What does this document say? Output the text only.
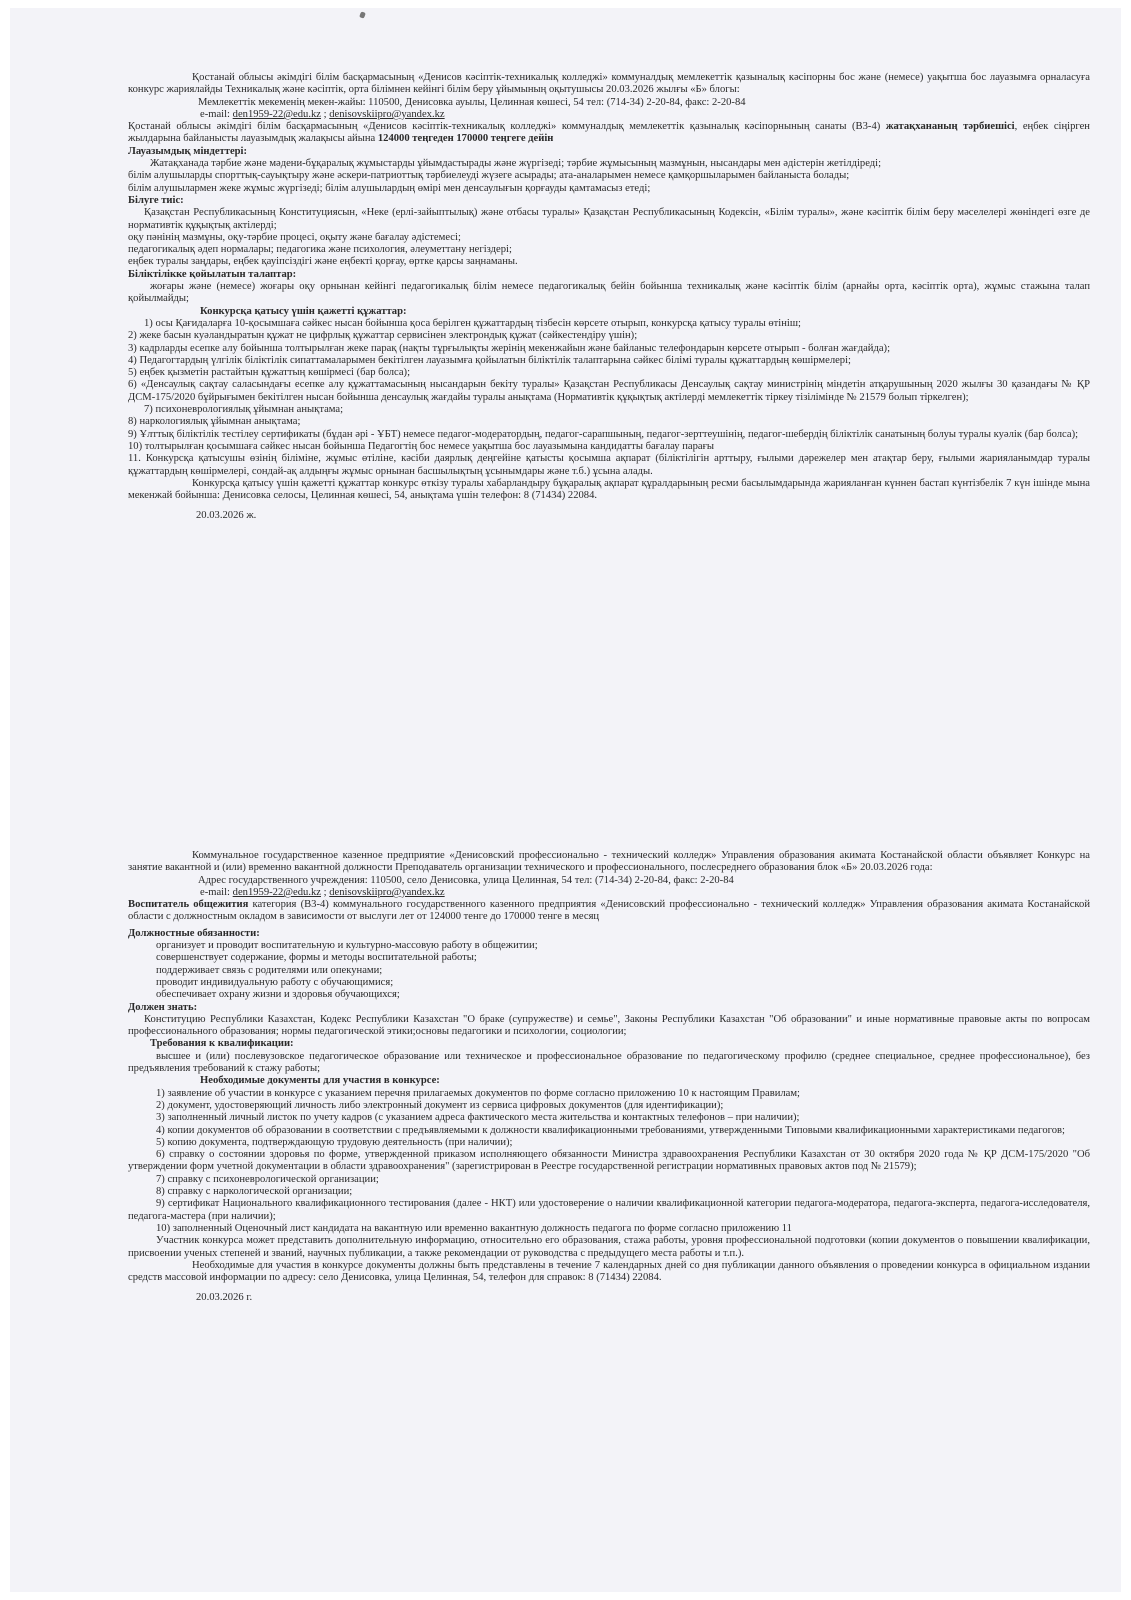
Қостанай облысы әкімдігі білім басқармасының «Денисов кәсіптік-техникалық колледжі» коммуналдық мемлекеттік қазыналық кәсіпорны бос және (немесе) уақытша бос лауазымға орналасуға конкурс жариялайды Техникалық және кәсіптік, орта білімнен кейінгі білім беру ұйымының оқытушысы 20.03.2026 жылғы «Б» блогы:

Мемлекеттік мекеменің мекен-жайы: 110500, Денисовка ауылы, Целинная көшесі, 54 тел: (714-34) 2-20-84, факс: 2-20-84

e-mail: den1959-22@edu.kz ; denisovskiipro@yandex.kz

Қостанай облысы әкімдігі білім басқармасының «Денисов кәсіптік-техникалық колледжі» коммуналдық мемлекеттік қазыналық кәсіпорнының санаты (В3-4) жатақхананың тәрбиешісі, еңбек сіңірген жылдарына байланысты лауазымдық жалақысы айына 124000 теңгеден 170000 теңгеге дейін

Лауазымдық міндеттері:

Жатақханада тәрбие және мәдени-бұқаралық жұмыстарды ұйымдастырады және жүргізеді; тәрбие жұмысының мазмұнын, нысандары мен әдістерін жетілдіреді;

білім алушыларды спорттық-сауықтыру және әскери-патриоттық тәрбиелеуді жүзеге асырады; ата-аналарымен немесе қамқоршыларымен байланыста болады;

білім алушылармен жеке жұмыс жүргізеді; білім алушылардың өмірі мен денсаулығын қорғауды қамтамасыз етеді;

Білуге тиіс:

Қазақстан Республикасының Конституциясын, «Неке (ерлі-зайыптылық) және отбасы туралы» Қазақстан Республикасының Кодексін, «Білім туралы», және кәсіптік білім беру мәселелері жөніндегі өзге де нормативтік құқықтық актілерді;

оқу пәнінің мазмұны, оқу-тәрбие процесі, оқыту және бағалау әдістемесі;

педагогикалық әдеп нормалары; педагогика және психология, әлеуметтану негіздері;

еңбек туралы заңдары, еңбек қауіпсіздігі және еңбекті қорғау, өртке қарсы заңнаманы.

Біліктілікке қойылатын талаптар:

жоғары және (немесе) жоғары оқу орнынан кейінгі педагогикалық білім немесе педагогикалық бейін бойынша техникалық және кәсіптік білім (арнайы орта, кәсіптік орта), жұмыс стажына талап қойылмайды;

Конкурсқа қатысу үшін қажетті құжаттар:

1) осы Қағидаларға 10-қосымшаға сәйкес нысан бойынша қоса берілген құжаттардың тізбесін көрсете отырып, конкурсқа қатысу туралы өтініш;

2) жеке басын куәландыратын құжат не цифрлық құжаттар сервисінен электрондық құжат (сәйкестендіру үшін);

3) кадрларды есепке алу бойынша толтырылған жеке парақ (нақты тұрғылықты жерінің мекенжайын және байланыс телефондарын көрсете отырып - болған жағдайда);

4) Педагогтардың үлгілік біліктілік сипаттамаларымен бекітілген лауазымға қойылатын біліктілік талаптарына сәйкес білімі туралы құжаттардың көшірмелері;

5) еңбек қызметін растайтын құжаттың көшірмесі (бар болса);

6) «Денсаулық сақтау саласындағы есепке алу құжаттамасының нысандарын бекіту туралы» Қазақстан Республикасы Денсаулық сақтау министрінің міндетін атқарушының 2020 жылғы 30 қазандағы № ҚР ДСМ-175/2020 бұйрығымен бекітілген нысан бойынша денсаулық жағдайы туралы анықтама (Нормативтік құқықтық актілерді мемлекеттік тіркеу тізілімінде № 21579 болып тіркелген);

7) психоневрологиялық ұйымнан анықтама;

8) наркологиялық ұйымнан анықтама;

9) Ұлттық біліктілік тестілеу сертификаты (бұдан әрі - ҰБТ) немесе педагог-модератордың, педагог-сарапшының, педагог-зерттеушінің, педагог-шебердің біліктілік санатының болуы туралы куәлік (бар болса);

10) толтырылған қосымшаға сәйкес нысан бойынша Педагогтің бос немесе уақытша бос лауазымына кандидатты бағалау парағы

11. Конкурсқа қатысушы өзінің біліміне, жұмыс өтіліне, кәсіби даярлық деңгейіне қатысты қосымша ақпарат (біліктілігін арттыру, ғылыми дәрежелер мен атақтар беру, ғылыми жарияланымдар туралы құжаттардың көшірмелері, сондай-ақ алдыңғы жұмыс орнынан басшылықтың ұсынымдары және т.б.) ұсына алады.

Конкурсқа қатысу үшін қажетті құжаттар конкурс өткізу туралы хабарландыру бұқаралық ақпарат құралдарының ресми басылымдарында жарияланған күннен бастап күнтізбелік 7 күн ішінде мына мекенжай бойынша: Денисовка селосы, Целинная көшесі, 54, анықтама үшін телефон: 8 (71434) 22084.

20.03.2026 ж.

Коммунальное государственное казенное предприятие «Денисовский профессионально - технический колледж» Управления образования акимата Костанайской области объявляет Конкурс на занятие вакантной и (или) временно вакантной должности Преподаватель организации технического и профессионального, послесреднего образования блок «Б» 20.03.2026 года:

Адрес государственного учреждения: 110500, село Денисовка, улица Целинная, 54 тел: (714-34) 2-20-84, факс: 2-20-84

e-mail: den1959-22@edu.kz ; denisovskiipro@yandex.kz

Воспитатель общежития категория (В3-4) коммунального государственного казенного предприятия «Денисовский профессионально - технический колледж» Управления образования акимата Костанайской области с должностным окладом в зависимости от выслуги лет от 124000 тенге до 170000 тенге в месяц

Должностные обязанности:

организует и проводит воспитательную и культурно-массовую работу в общежитии;

совершенствует содержание, формы и методы воспитательной работы;

поддерживает связь с родителями или опекунами;

проводит индивидуальную работу с обучающимися;

обеспечивает охрану жизни и здоровья обучающихся;

Должен знать:

Конституцию Республики Казахстан, Кодекс Республики Казахстан "О браке (супружестве) и семье", Законы Республики Казахстан "Об образовании" и иные нормативные правовые акты по вопросам профессионального образования; нормы педагогической этики;основы педагогики и психологии, социологии;

Требования к квалификации:

высшее и (или) послевузовское педагогическое образование или техническое и профессиональное образование по педагогическому профилю (среднее специальное, среднее профессиональное), без предъявления требований к стажу работы;

Необходимые документы для участия в конкурсе:

1) заявление об участии в конкурсе с указанием перечня прилагаемых документов по форме согласно приложению 10 к настоящим Правилам;

2) документ, удостоверяющий личность либо электронный документ из сервиса цифровых документов (для идентификации);

3) заполненный личный листок по учету кадров (с указанием адреса фактического места жительства и контактных телефонов – при наличии);

4) копии документов об образовании в соответствии с предъявляемыми к должности квалификационными требованиями, утвержденными Типовыми квалификационными характеристиками педагогов;

5) копию документа, подтверждающую трудовую деятельность (при наличии);

6) справку о состоянии здоровья по форме, утвержденной приказом исполняющего обязанности Министра здравоохранения Республики Казахстан от 30 октября 2020 года № ҚР ДСМ-175/2020 "Об утверждении форм учетной документации в области здравоохранения" (зарегистрирован в Реестре государственной регистрации нормативных правовых актов под № 21579);

7) справку с психоневрологической организации;

8) справку с наркологической организации;

9) сертификат Национального квалификационного тестирования (далее - НКТ) или удостоверение о наличии квалификационной категории педагога-модератора, педагога-эксперта, педагога-исследователя, педагога-мастера (при наличии);

10) заполненный Оценочный лист кандидата на вакантную или временно вакантную должность педагога по форме согласно приложению 11

Участник конкурса может представить дополнительную информацию, относительно его образования, стажа работы, уровня профессиональной подготовки (копии документов о повышении квалификации, присвоении ученых степеней и званий, научных публикации, а также рекомендации от руководства с предыдущего места работы и т.п.).

Необходимые для участия в конкурсе документы должны быть представлены в течение 7 календарных дней со дня публикации данного объявления о проведении конкурса в официальном издании средств массовой информации по адресу: село Денисовка, улица Целинная, 54, телефон для справок: 8 (71434) 22084.

20.03.2026 г.
